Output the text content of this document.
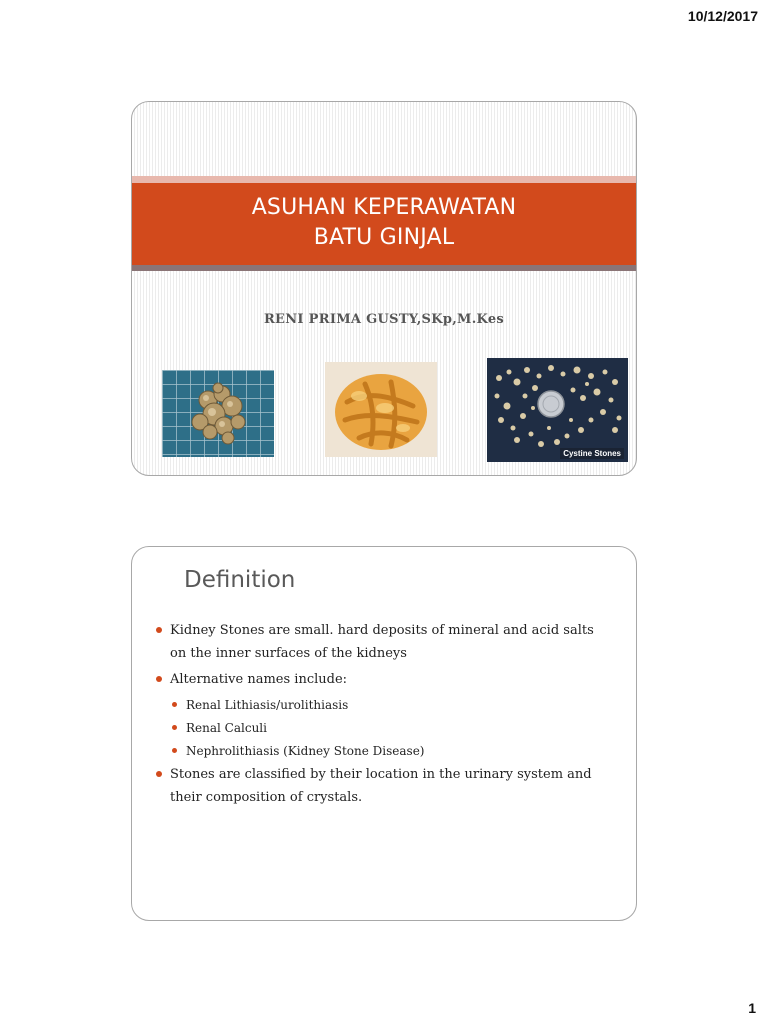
10/12/2017
ASUHAN KEPERAWATAN
BATU GINJAL
RENI PRIMA GUSTY,SKp,M.Kes
Cystine Stones
Definition
Kidney Stones are small. hard deposits of mineral and acid salts on the inner surfaces of the kidneys
Alternative names include:
Renal Lithiasis/urolithiasis
Renal Calculi
Nephrolithiasis (Kidney Stone Disease)
Stones are classified by their location in the urinary system and their composition of crystals.
1
